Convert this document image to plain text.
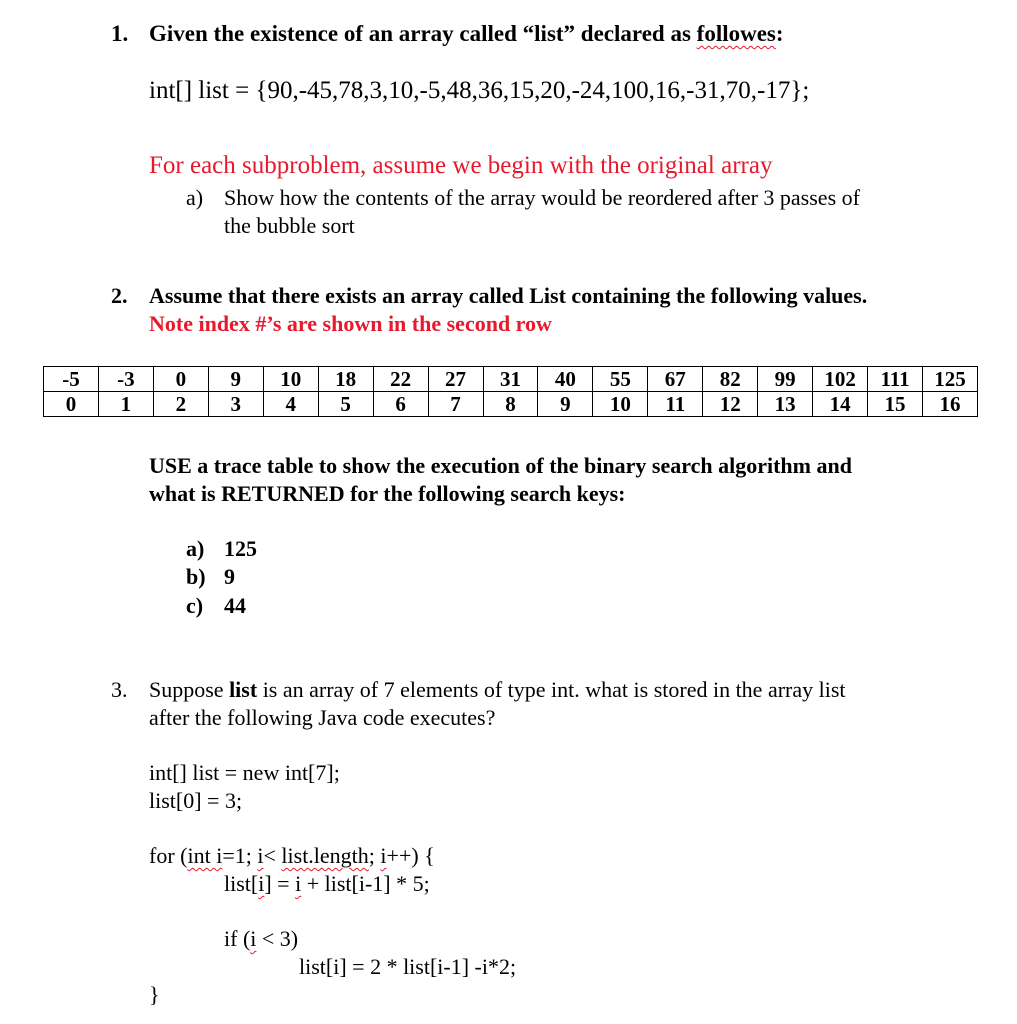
1. Given the existence of an array called “list” declared as followes:
int[] list = {90,-45,78,3,10,-5,48,36,15,20,-24,100,16,-31,70,-17};
For each subproblem, assume we begin with the original array
a) Show how the contents of the array would be reordered after 3 passes of
the bubble sort
2. Assume that there exists an array called List containing the following values.
Note index #’s are shown in the second row
-5	-3	0	9	10	18	22	27	31	40	55	67	82	99	102	111	125
0	1	2	3	4	5	6	7	8	9	10	11	12	13	14	15	16
USE a trace table to show the execution of the binary search algorithm and
what is RETURNED for the following search keys:
a) 125
b) 9
c) 44
3. Suppose list is an array of 7 elements of type int. what is stored in the array list
after the following Java code executes?
int[] list = new int[7];
list[0] = 3;
for (int i=1; i< list.length; i++) {
list[i] = i + list[i-1] * 5;
if (i < 3)
list[i] = 2 * list[i-1] -i*2;
}
